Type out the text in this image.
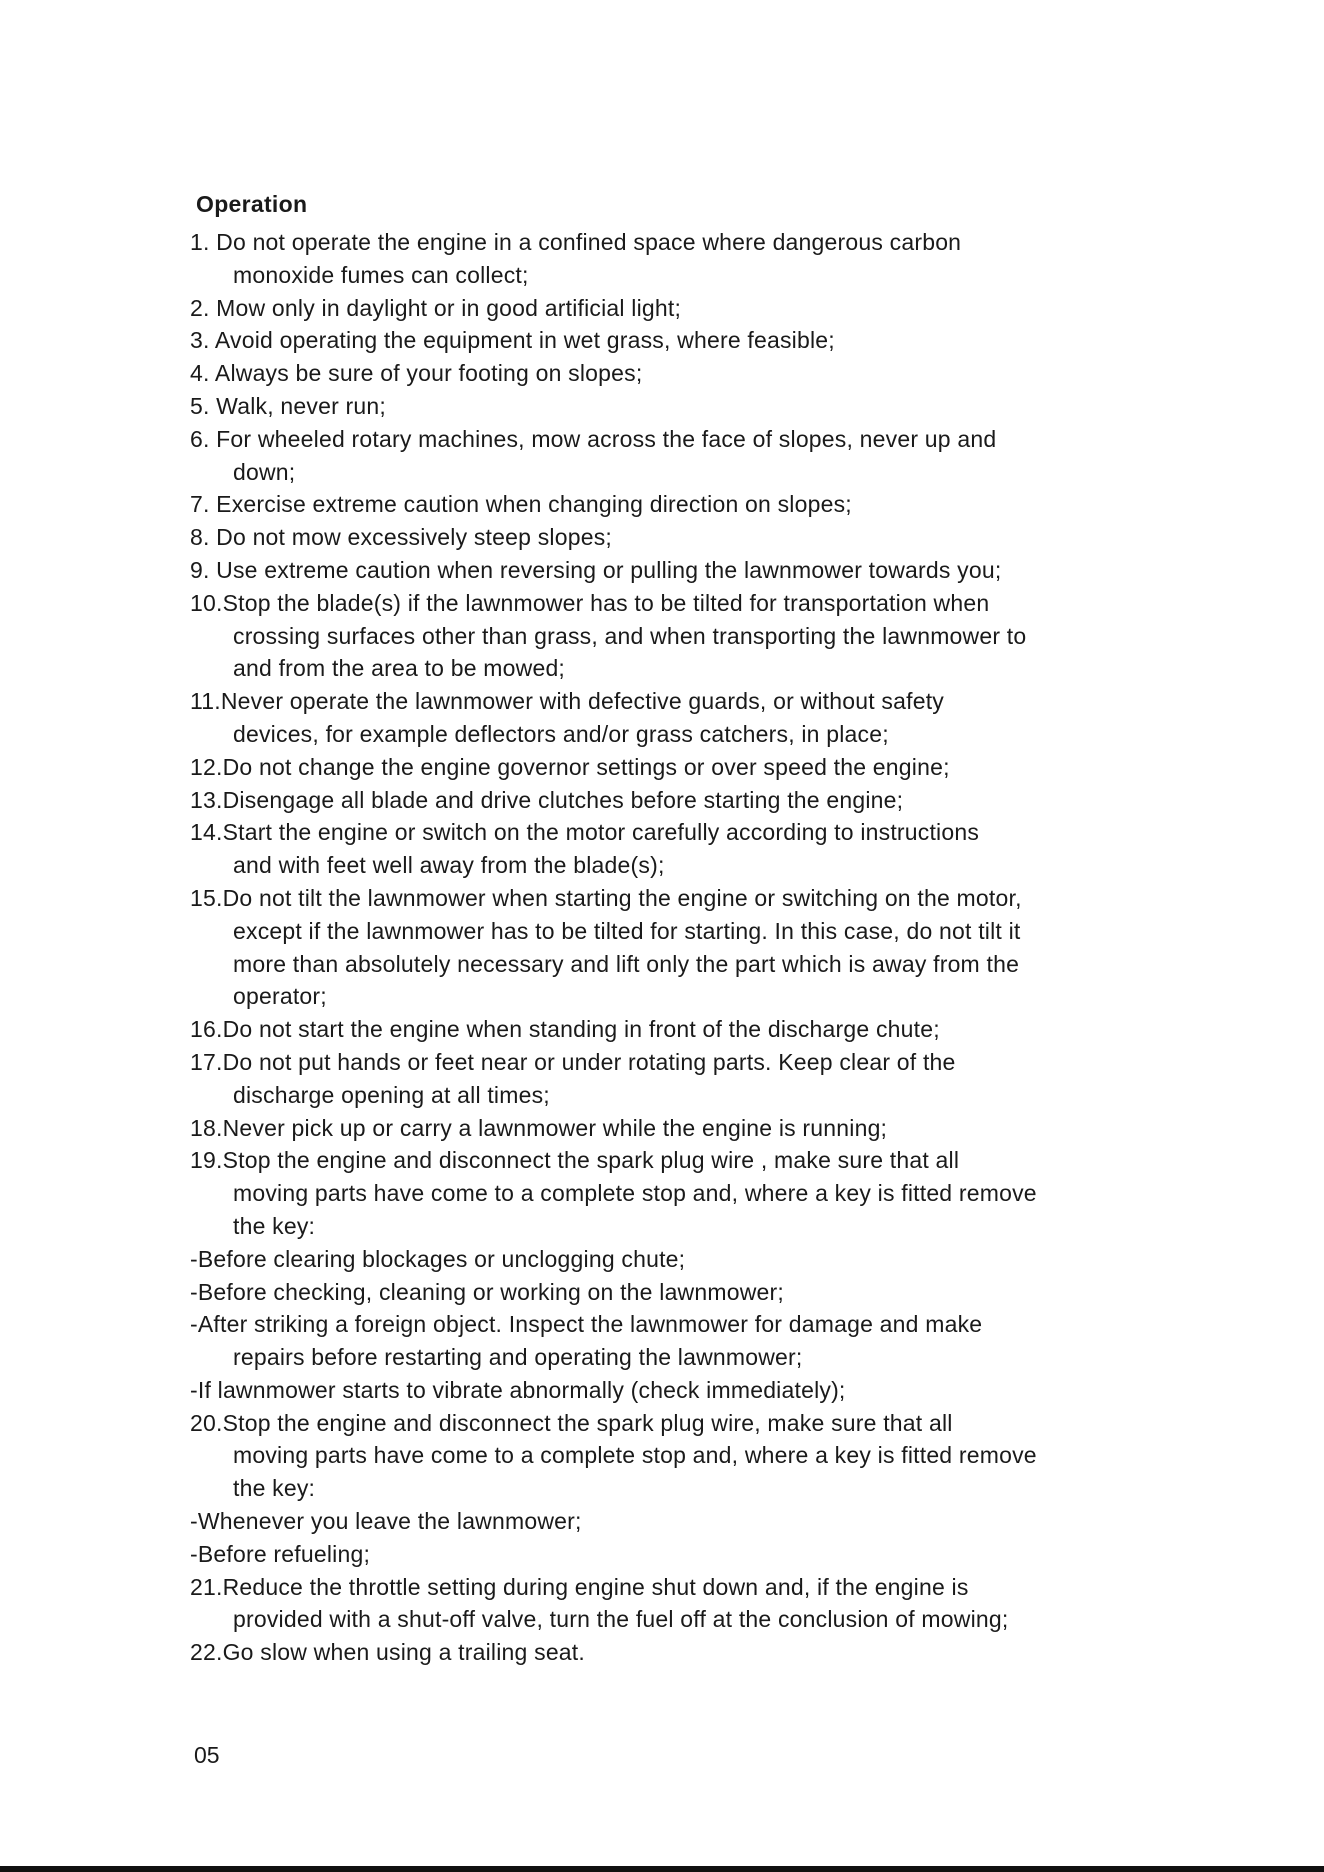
Operation
1. Do not operate the engine in a confined space where dangerous carbon
monoxide fumes can collect;
2. Mow only in daylight or in good artificial light;
3. Avoid operating the equipment in wet grass, where feasible;
4. Always be sure of your footing on slopes;
5. Walk, never run;
6. For wheeled rotary machines, mow across the face of slopes, never up and
down;
7. Exercise extreme caution when changing direction on slopes;
8. Do not mow excessively steep slopes;
9. Use extreme caution when reversing or pulling the lawnmower towards you;
10.Stop the blade(s) if the lawnmower has to be tilted for transportation when
crossing surfaces other than grass, and when transporting the lawnmower to
and from the area to be mowed;
11.Never operate the lawnmower with defective guards, or without safety
devices, for example deflectors and/or grass catchers, in place;
12.Do not change the engine governor settings or over speed the engine;
13.Disengage all blade and drive clutches before starting the engine;
14.Start the engine or switch on the motor carefully according to instructions
and with feet well away from the blade(s);
15.Do not tilt the lawnmower when starting the engine or switching on the motor,
except if the lawnmower has to be tilted for starting. In this case, do not tilt it
more than absolutely necessary and lift only the part which is away from the
operator;
16.Do not start the engine when standing in front of the discharge chute;
17.Do not put hands or feet near or under rotating parts. Keep clear of the
discharge opening at all times;
18.Never pick up or carry a lawnmower while the engine is running;
19.Stop the engine and disconnect the spark plug wire , make sure that all
moving parts have come to a complete stop and, where a key is fitted remove
the key:
-Before clearing blockages or unclogging chute;
-Before checking, cleaning or working on the lawnmower;
-After striking a foreign object. Inspect the lawnmower for damage and make
repairs before restarting and operating the lawnmower;
-If lawnmower starts to vibrate abnormally (check immediately);
20.Stop the engine and disconnect the spark plug wire, make sure that all
moving parts have come to a complete stop and, where a key is fitted remove
the key:
-Whenever you leave the lawnmower;
-Before refueling;
21.Reduce the throttle setting during engine shut down and, if the engine is
provided with a shut-off valve, turn the fuel off at the conclusion of mowing;
22.Go slow when using a trailing seat.
05
